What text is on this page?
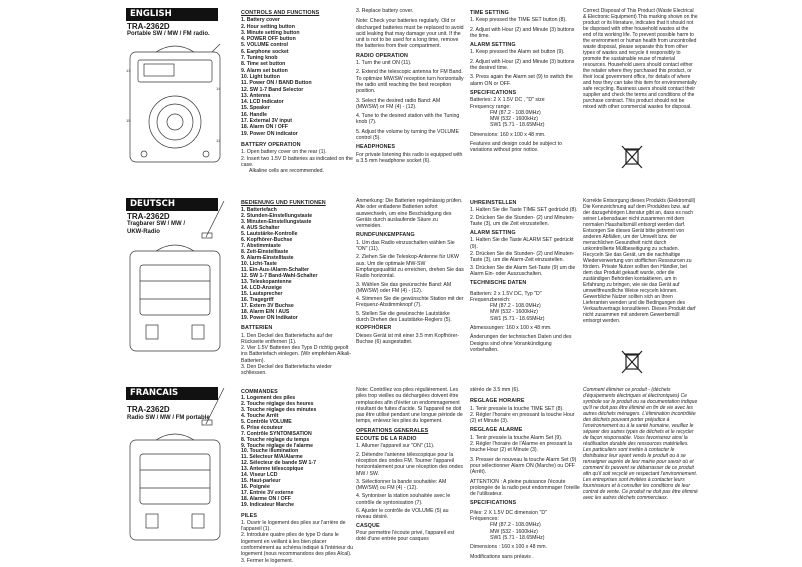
ENGLISH
TRA-2362D
Portable SW / MW / FM radio.
13
14
15
12
CONTROLS AND FUNCTIONS
1. Battery cover
2. Hour setting button
3. Minute setting button
4. POWER OFF button
5. VOLUME control
6. Earphone socket
7. Tuning knob
8. Time set button
9. Alarm set button
10. Light button
11. Power ON / BAND Button
12. SW 1-7 Band Selector
13. Antenna
14. LCD Indicator
15. Speaker
16. Handle
17. External 3V input
18. Alarm ON / OFF
19. Power ON indicator
BATTERY OPERATION

1. Open battery cover on the rear (1).

2. Insert two 1.5V D batteries as indicated on the case.

Alkaline cells are recommended.

3. Replace battery cover.

Note: Check your batteries regularly. Old or discharged batteries must be replaced to avoid acid leaking that may damage your unit. If the unit is not to be used for a long time, remove the batteries from their compartment.

RADIO OPERATION

1. Turn the unit ON (11).

2. Extend the telescopic antenna for FM Band. To optimize MW/SW reception turn horizontally the radio until reaching the best reception position.

3. Select the desired radio Band: AM (MW/SW) or FM (4) - (12).

4. Tune to the desired station with the Tuning knob (7).

5. Adjust the volume by turning the VOLUME control (5).

HEADPHONES

For private listening this radio is equipped with a 3.5 mm headphone socket (6).

TIME SETTING

1. Keep pressed the TIME SET button (8).

2. Adjust with Hour (2) and Minute (3) buttons the time.

ALARM SETTING

1. Keep pressed the Alarm set button (9).

2. Adjust with Hour (2) and Minute (3) buttons the desired time.

3. Press again the Alarm set (9) to switch the alarm ON or OFF.

SPECIFICATIONS

Batteries: 2 X 1.5V DC , "D" size

Frequency range:

FM (87.2 - 108.0MHz)

MW (532 - 1600kHz)

SW1 (5.71 - 18.65MHz)

Dimensions: 160 x 100 x 48 mm.

Features and design could be subject to variations without prior notice.

Correct Disposal of This Product (Waste Electrical & Electronic Equipment) This marking shown on the product or its literature, indicates that it should not be disposed with other household wastes at the end of its working life. To prevent possible harm to the environment or human health from uncontrolled waste disposal, please separate this from other types of wastes and recycle it responsibly to promote the sustainable reuse of material resources. Household users should contact either the retailer where they purchased this product, or their local government office, for details of where and how they can take this item for environmentally safe recycling. Business users should contact their supplier and check the terms and conditions of the purchase contract. This product should not be mixed with other commercial wastes for disposal.

DEUTSCH
TRA-2362D
Tragbarer SW / MW / UKW-Radio
BEDIENUNG UND FUNKTIONEN
1. Batteriefach
2. Stunden-Einstellungstaste
3. Minuten-Einstellungstaste
4. AUS Schalter
5. Lautstärke-Kontrolle
6. Kopfhörer-Buchse
7. Abstimmtaste
8. Zeit-Einstelltaste
9. Alarm-Einstelltaste
10. Licht-Taste
11. Ein-Aus-/Alarm-Schalter
12. SW 1-7 Band-Wahl-Schalter
13. Teleskopantenne
14. LCD-Anzeige
15. Lautsprecher
16. Tragegriff
17. Extern 3V Buchse
18. Alarm EIN / AUS
19. Power ON Indikator
BATTERIEN

1. Den Deckel des Batteriefachs auf der Rückseite entfernen (1).

2. Vier 1.5V Batterien des Typs D richtig gepolt ins Batteriefach einlegen. (Wir empfehlen Alkali-Batterien).

3. Den Deckel des Batteriefachs wieder schliessen.

Anmerkung: Die Batterien regelmässig prüfen. Alte oder entladene Batterien sofort auswechseln, um eine Beschädigung des Geräts durch auslaufende Säure zu vermeiden.

RUNDFUNKEMPFANG

1. Um das Radio einzuschalten wählen Sie "ON" (11).

2. Ziehen Sie die Teleskop-Antenne für UKW aus. Um die optimale MW-SW Empfangsqualität zu erreichen, drehen Sie das Radio horizontal.

3. Wählen Sie das gewünschte Band: AM (MW/SW) oder FM (4) - (12).

4. Stimmen Sie die gewünschte Station mit der Frequenz-Abstimmknopf (7).

5. Stellen Sie die gewünschte Lautstärke durch Drehen des Lautstärke-Reglers (5).

KOPFHÖRER

Dieses Gerät ist mit einer 3.5 mm Kopfhörer-Buchse (6) ausgestattet.

UHREINSTELLEN

1. Halten Sie die Taste TIME SET gedrückt (8).

2. Drücken Sie die Stunden- (2) und Minuten-Taste (3), um die Zeit einzustellen.

ALARM SETTING

1. Halten Sie die Taste ALARM SET gedrückt (9).

2. Drücken Sie die Stunden- (2) und Minuten-Taste (3), um die Alarm-Zeit einzustellen.

3. Drücken Sie die Alarm Set-Taste (9) um die Alarm Ein- oder Auszuschalten.

TECHNISCHE DATEN

Batterien: 2 x 1.5V DC, Typ "D"

Frequenzbereich:

FM (87.2 - 108.0MHz)

MW (532 - 1600kHz)

SW1 (5.71 - 18.65MHz)

Abmessungen: 160 x 100 x 48 mm.

Änderungen der technischen Daten und des Designs sind ohne Vorankündigung vorbehalten.

Korrekte Entsorgung dieses Produkts (Elektromüll) Die Kennzeichnung auf dem Produktes bzw. auf der dazugehörigen Literatur gibt an, dass es nach seiner Lebensdauer nicht zusammen mit dem normalen Haushaltsmüll entsorgt werden darf. Entsorgen Sie dieses Gerät bitte getrennt von anderen Abfällen, um der Umwelt bzw. der menschlichen Gesundheit nicht durch unkontrollierte Müllbeseitigung zu schaden. Recyceln Sie das Gerät, um die nachhaltige Wiederverwertung von stofflichen Ressourcen zu fördern. Private Nutzer sollten den Händler, bei dem das Produkt gekauft wurde, oder die zuständigen Behörden kontaktieren, um in Erfahrung zu bringen, wie sie das Gerät auf umweltfreundliche Weise recyceln können. Gewerbliche Nutzer sollten sich an Ihren Lieferanten wenden und die Bedingungen des Verkaufsvertrags konsultieren. Dieses Produkt darf nicht zusammen mit anderem Gewerbemüll entsorgt werden.

FRANCAIS
TRA-2362D
Radio SW / MW / FM portable
COMMANDES
1. Logement des piles
2. Touche réglage des heures
3. Touche réglage des minutes
4. Touche Arrêt
5. Contrôle VOLUME
6. Prise écouteur
7. Contrôle SYNTONISATION
8. Touche réglage du temps
9. Touche réglage de l'alarme
10. Touche illumination
11. Sélecteur M/A/Alarme
12. Sélecteur de bande SW 1-7
13. Antenne télescopique
14. Viseur LCD
15. Haut-parleur
16. Poignée
17. Entrée 3V externe
18. Alarme ON / OFF
19. Indicateur Marche
PILES

1. Ouvrir le logement des piles sur l'arrière de l'appareil (1).

2. Introduire quatre piles de type D dans le logement en veillant à les bien placer conformément au schéma indiqué à l'intérieur du logement (nous recommandons des piles Alcal).

3. Fermer le logement.

Note: Contrôlez vos piles régulièrement. Les piles trop vieilles ou déchargées doivent être remplacées afin d'éviter un endommagement résultant de fuites d'acide. Si l'appareil ne doit pas être utilisé pendant une longue période de temps, enlevez les piles du logement.

OPERATIONS GENERALES
ECOUTE DE LA RADIO

1. Allumer l'appareil sur "ON" (11).

2. Détendre l'antenne télescopique pour la réception des ondes FM. Tourner l'appareil horizontalement pour une réception des ondes MW / SW.

3. Sélectionner la bande souhaitée: AM (MW/SW) ou FM (4) - (12).

4. Syntoniser la station souhaitée avec le contrôle de syntonisation (7).

6. Ajuster le contrôle de VOLUME (5) au niveau désiré.

CASQUE

Pour permettre l'écoute privé, l'appareil est doté d'une entrée pour casques

stéréo de 3.5 mm (6).

REGLAGE HORAIRE

1. Tenir pressée la touche TIME SET (8).

2. Régler l'horaire en pressant la touche Hour (2) et Minute (3).

REGLAGE ALARME

1. Tenir pressée la touche Alarm Set (9).

2. Régler l'horaire de l'Alarme en pressant la touche Hour (2) et Minute (3).

3. Presser de nouveau la touche Alarm Set (9) pour sélectionner Alarm ON (Marche) ou OFF (Arrêt).

ATTENTION : A pleine puissance l'écoute prolongée de la radio peut endommager l'oreille de l'utilisateur.

SPECIFICATIONS

Piles: 2 X 1.5V DC dimension "D"

Fréquences:

FM (87.2 - 108.0MHz)

MW (532 - 1600kHz)

SW1 (5.71 - 18.65MHz)

Dimensions : 160 x 100 x 48 mm.

Modifications sans préavis .

Comment éliminer ce produit - (déchets d'équipements électriques et électroniques) Ce symbole sur le produit ou sa documentation indique qu'il ne doit pas être éliminé en fin de vie avec les autres déchets ménagers. L'élimination incontrôlée des déchets pouvant porter préjudice à l'environnement ou à la santé humaine, veuillez le séparer des autres types de déchets et le recycler de façon responsable. Vous favoriserez ainsi la réutilisation durable des ressources matérielles. Les particuliers sont invités à contacter le distributeur leur ayant vendu le produit ou à se renseigner auprès de leur mairie pour savoir où et comment ils peuvent se débarrasser de ce produit afin qu'il soit recyclé en respectant l'environnement. Les entreprises sont invitées à contacter leurs fournisseurs et à consulter les conditions de leur contrat de vente. Ce produit ne doit pas être éliminé avec les autres déchets commerciaux.
